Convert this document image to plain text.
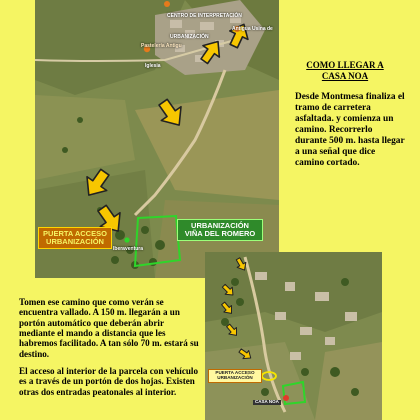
CENTRO DE INTERPRETACIÓN
Pastelería Antigu
Antigua Usina de
URBANIZACIÓN
Iglesia
Iberaventura
PUERTA ACCESO
URBANIZACIÓN
URBANIZACIÓN
VIÑA DEL ROMERO
PUERTA ACCESO
URBANIZACIÓN
CASA NOA
COMO LLEGAR A
CASA NOA
Desde Montmesa finaliza el tramo de carretera asfaltada. y comienza un camino. Recorrerlo durante 500 m. hasta llegar a una señal que dice camino cortado.

Tomen ese camino que como verán se encuentra vallado. A 150 m. llegarán a un portón automático que deberán abrir mediante el mando a distancia que les habremos facilitado. A tan sólo 70 m. estará su destino.

El acceso al interior de la parcela con vehículo es a través de un portón de dos hojas. Existen otras dos entradas peatonales al interior.
